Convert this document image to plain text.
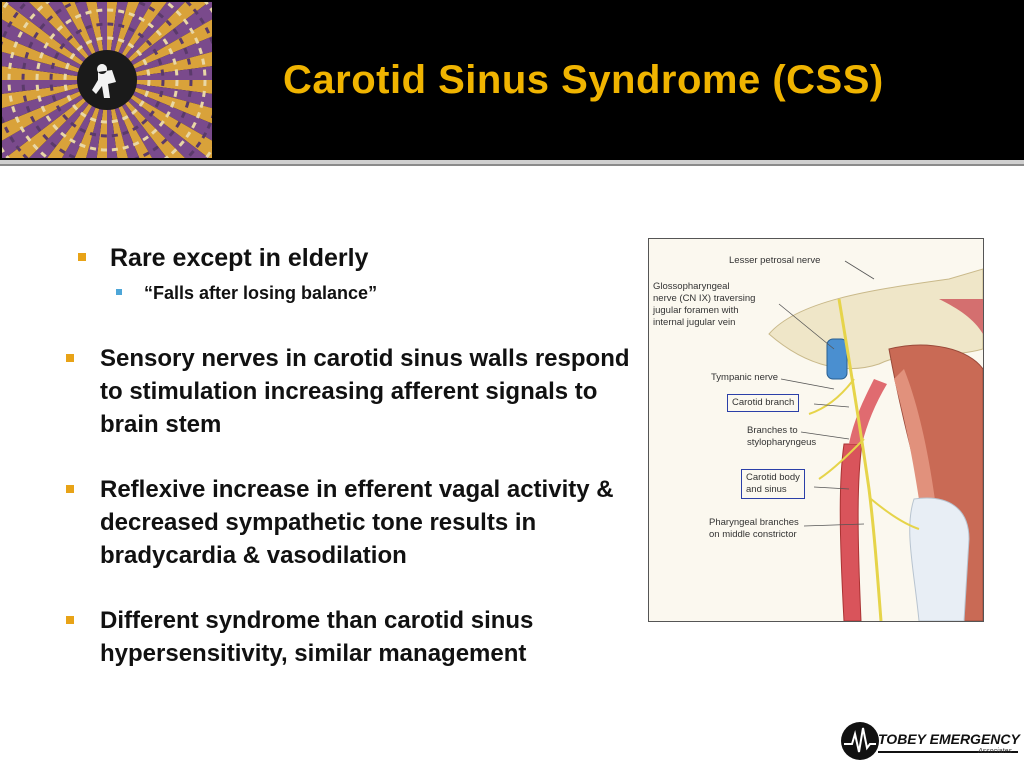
Carotid Sinus Syndrome (CSS)

Rare except in elderly

“Falls after losing balance”

Sensory nerves in carotid sinus walls respond to stimulation increasing afferent signals to brain stem

Reflexive increase in efferent vagal activity & decreased sympathetic tone results in bradycardia & vasodilation

Different syndrome than carotid sinus hypersensitivity, similar management

Lesser petrosal nerve
Glossopharyngeal
nerve (CN IX) traversing
jugular foramen with
internal jugular vein
Tympanic nerve
Carotid branch
Branches to
stylopharyngeus
Carotid body
and sinus
Pharyngeal branches
on middle constrictor
TOBEY EMERGENCY
Associates
